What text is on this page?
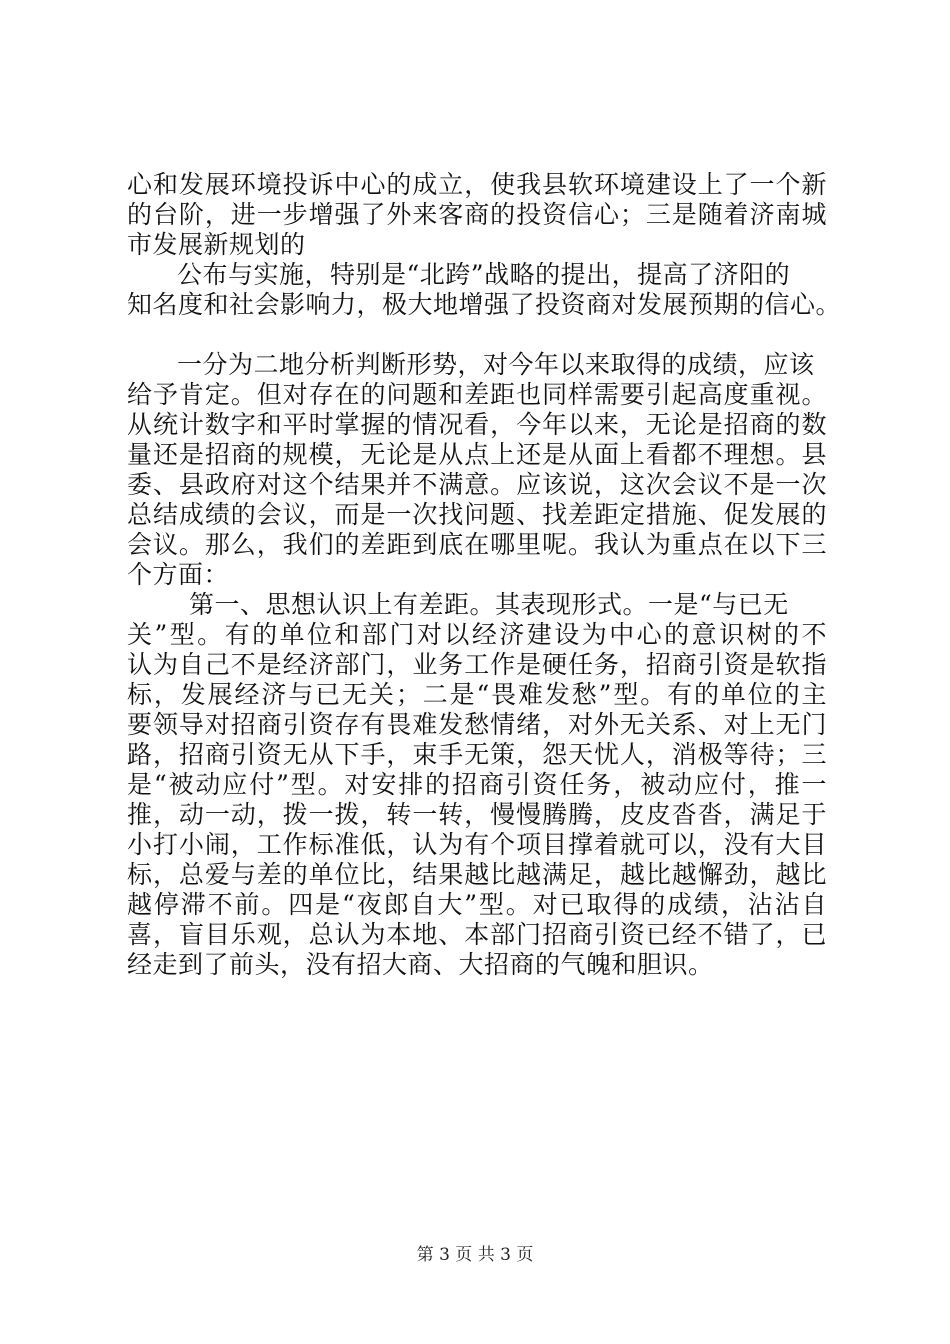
心和发展环境投诉中心的成立，使我县软环境建设上了一个新
的台阶，进一步增强了外来客商的投资信心；三是随着济南城
市发展新规划的
公布与实施，特别是“北跨”战略的提出，提高了济阳的
知名度和社会影响力，极大地增强了投资商对发展预期的信心。
一分为二地分析判断形势，对今年以来取得的成绩，应该
给予肯定。但对存在的问题和差距也同样需要引起高度重视。
从统计数字和平时掌握的情况看，今年以来，无论是招商的数
量还是招商的规模，无论是从点上还是从面上看都不理想。县
委、县政府对这个结果并不满意。应该说，这次会议不是一次
总结成绩的会议，而是一次找问题、找差距定措施、促发展的
会议。那么，我们的差距到底在哪里呢。我认为重点在以下三
个方面：
第一、思想认识上有差距。其表现形式。一是“与已无
关”型。有的单位和部门对以经济建设为中心的意识树的不
认为自己不是经济部门，业务工作是硬任务，招商引资是软指
标，发展经济与已无关；二是“畏难发愁”型。有的单位的主
要领导对招商引资存有畏难发愁情绪，对外无关系、对上无门
路，招商引资无从下手，束手无策，怨天忧人，消极等待；三
是“被动应付”型。对安排的招商引资任务，被动应付，推一
推，动一动，拨一拨，转一转，慢慢腾腾，皮皮沓沓，满足于
小打小闹，工作标准低，认为有个项目撑着就可以，没有大目
标，总爱与差的单位比，结果越比越满足，越比越懈劲，越比
越停滞不前。四是“夜郎自大”型。对已取得的成绩，沾沾自
喜，盲目乐观，总认为本地、本部门招商引资已经不错了，已
经走到了前头，没有招大商、大招商的气魄和胆识。
第 3 页 共 3 页
